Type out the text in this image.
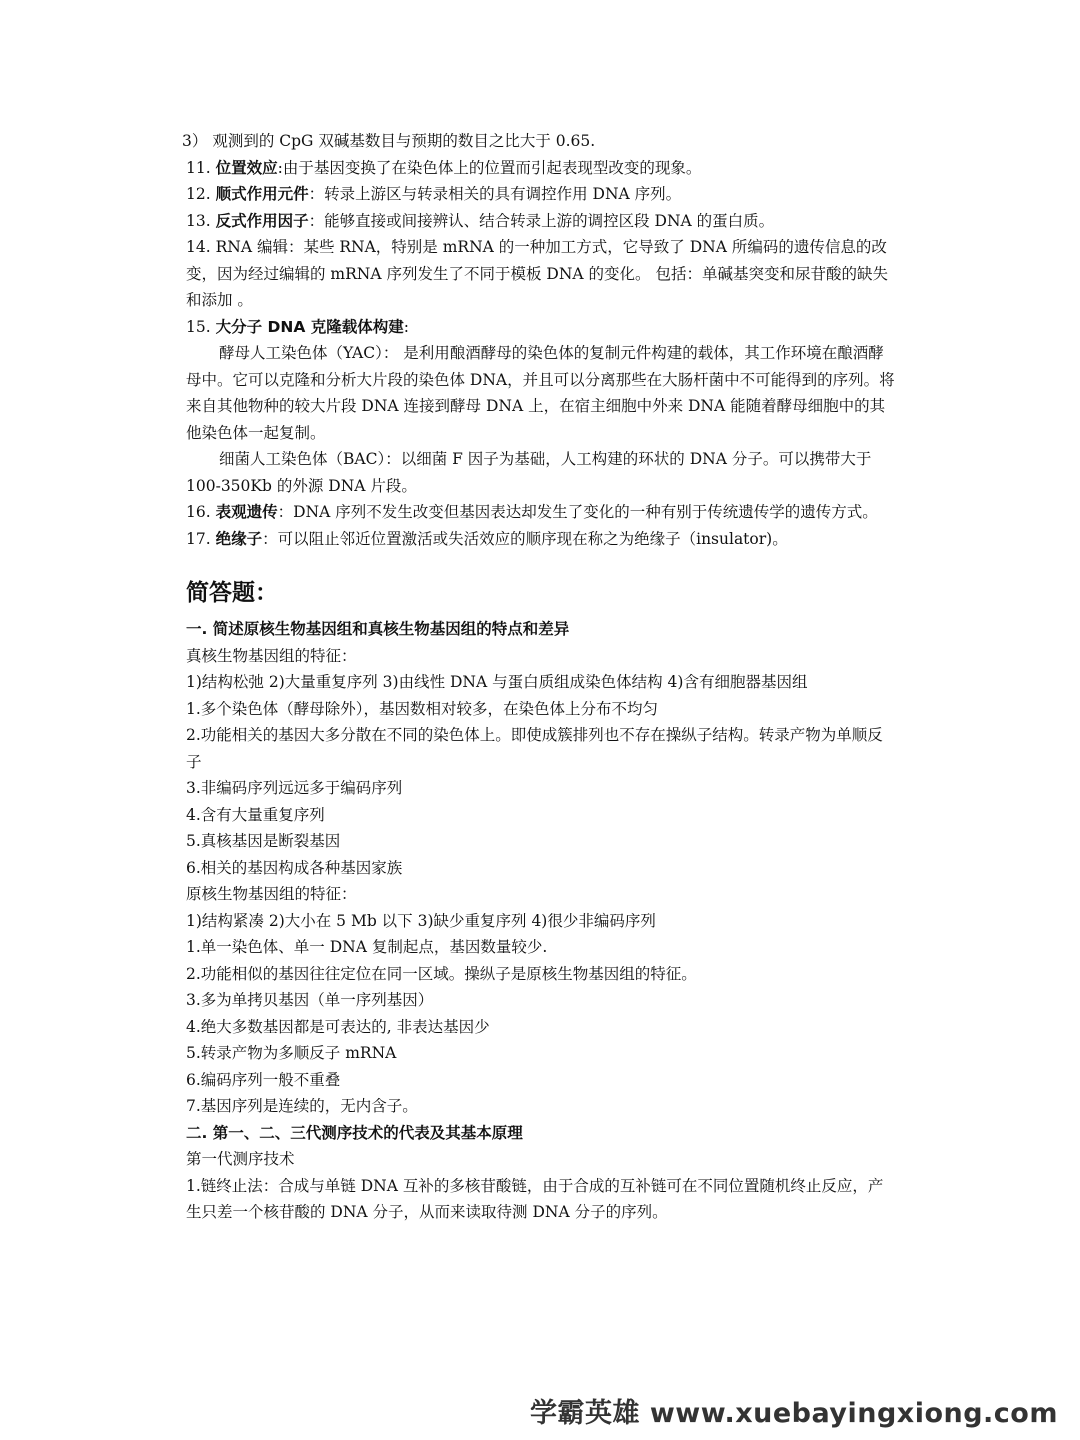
3） 观测到的 CpG 双碱基数目与预期的数目之比大于 0.65.

11. 位置效应:由于基因变换了在染色体上的位置而引起表现型改变的现象。

12. 顺式作用元件：转录上游区与转录相关的具有调控作用 DNA 序列。

13. 反式作用因子：能够直接或间接辨认、结合转录上游的调控区段 DNA 的蛋白质。

14. RNA 编辑：某些 RNA，特别是 mRNA 的一种加工方式，它导致了 DNA 所编码的遗传信息的改变，因为经过编辑的 mRNA 序列发生了不同于模板 DNA 的变化。 包括：单碱基突变和尿苷酸的缺失和添加 。

15. 大分子 DNA 克隆载体构建:

酵母人工染色体（YAC）： 是利用酿酒酵母的染色体的复制元件构建的载体，其工作环境在酿酒酵母中。它可以克隆和分析大片段的染色体 DNA，并且可以分离那些在大肠杆菌中不可能得到的序列。将来自其他物种的较大片段 DNA 连接到酵母 DNA 上，在宿主细胞中外来 DNA 能随着酵母细胞中的其他染色体一起复制。

细菌人工染色体（BAC）：以细菌 F 因子为基础，人工构建的环状的 DNA 分子。可以携带大于 100-350Kb 的外源 DNA 片段。

16. 表观遗传：DNA 序列不发生改变但基因表达却发生了变化的一种有别于传统遗传学的遗传方式。

17. 绝缘子：可以阻止邻近位置激活或失活效应的顺序现在称之为绝缘子（insulator)。

简答题：

一. 简述原核生物基因组和真核生物基因组的特点和差异

真核生物基因组的特征：

1)结构松弛 2)大量重复序列 3)由线性 DNA 与蛋白质组成染色体结构 4)含有细胞器基因组

1.多个染色体（酵母除外），基因数相对较多，在染色体上分布不均匀

2.功能相关的基因大多分散在不同的染色体上。即使成簇排列也不存在操纵子结构。转录产物为单顺反子

3.非编码序列远远多于编码序列

4.含有大量重复序列

5.真核基因是断裂基因

6.相关的基因构成各种基因家族

原核生物基因组的特征：

1)结构紧凑 2)大小在 5 Mb 以下 3)缺少重复序列 4)很少非编码序列

1.单一染色体、单一 DNA 复制起点，基因数量较少.

2.功能相似的基因往往定位在同一区域。操纵子是原核生物基因组的特征。

3.多为单拷贝基因（单一序列基因）

4.绝大多数基因都是可表达的, 非表达基因少

5.转录产物为多顺反子 mRNA

6.编码序列一般不重叠

7.基因序列是连续的，无内含子。

二. 第一、二、三代测序技术的代表及其基本原理

第一代测序技术

1.链终止法：合成与单链 DNA 互补的多核苷酸链，由于合成的互补链可在不同位置随机终止反应，产生只差一个核苷酸的 DNA 分子，从而来读取待测 DNA 分子的序列。

学霸英雄 www.xuebayingxiong.com
